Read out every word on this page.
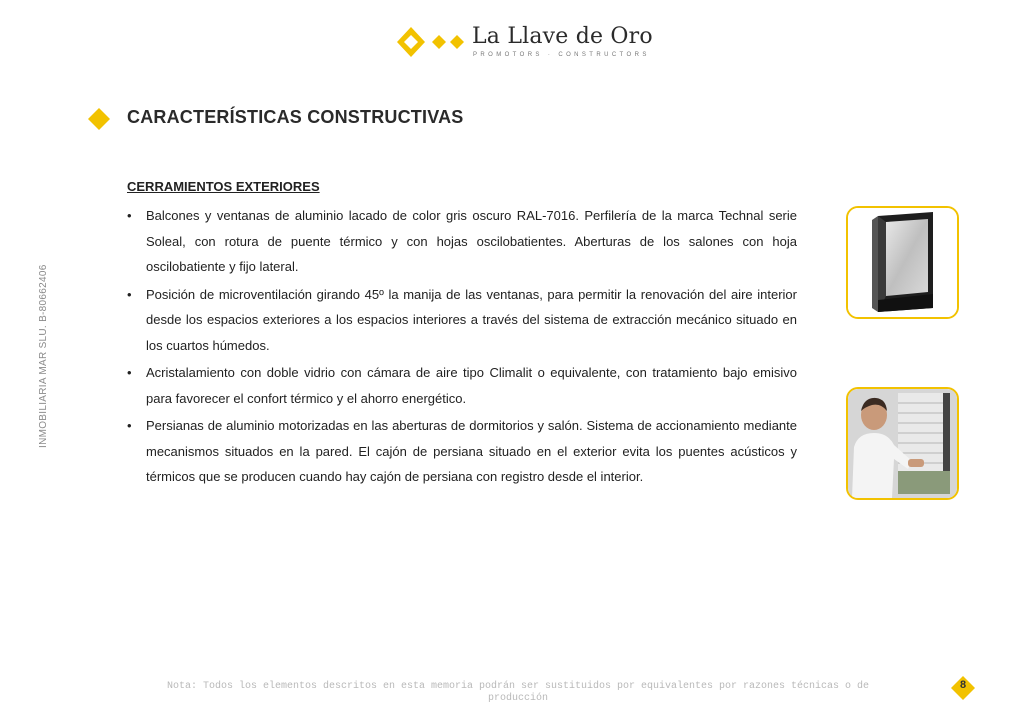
La Llave de Oro
PROMOTORS · CONSTRUCTORS
INMOBILIARIA MAR SLU. B-80662406
CARACTERÍSTICAS CONSTRUCTIVAS
CERRAMIENTOS EXTERIORES
• Balcones y ventanas de aluminio lacado de color gris oscuro RAL-7016. Perfilería de la marca Technal serie Soleal, con rotura de puente térmico y con hojas oscilobatientes. Aberturas de los salones con hoja oscilobatiente y fijo lateral.
• Posición de microventilación girando 45º la manija de las ventanas, para permitir la renovación del aire interior desde los espacios exteriores a los espacios interiores a través del sistema de extracción mecánico situado en los cuartos húmedos.
• Acristalamiento con doble vidrio con cámara de aire tipo Climalit o equivalente, con tratamiento bajo emisivo para favorecer el confort térmico y el ahorro energético.
• Persianas de aluminio motorizadas en las aberturas de dormitorios y salón. Sistema de accionamiento mediante mecanismos situados en la pared. El cajón de persiana situado en el exterior evita los puentes acústicos y térmicos que se producen cuando hay cajón de persiana con registro desde el interior.
Nota: Todos los elementos descritos en esta memoria podrán ser sustituidos por equivalentes por razones técnicas o de producción
8
